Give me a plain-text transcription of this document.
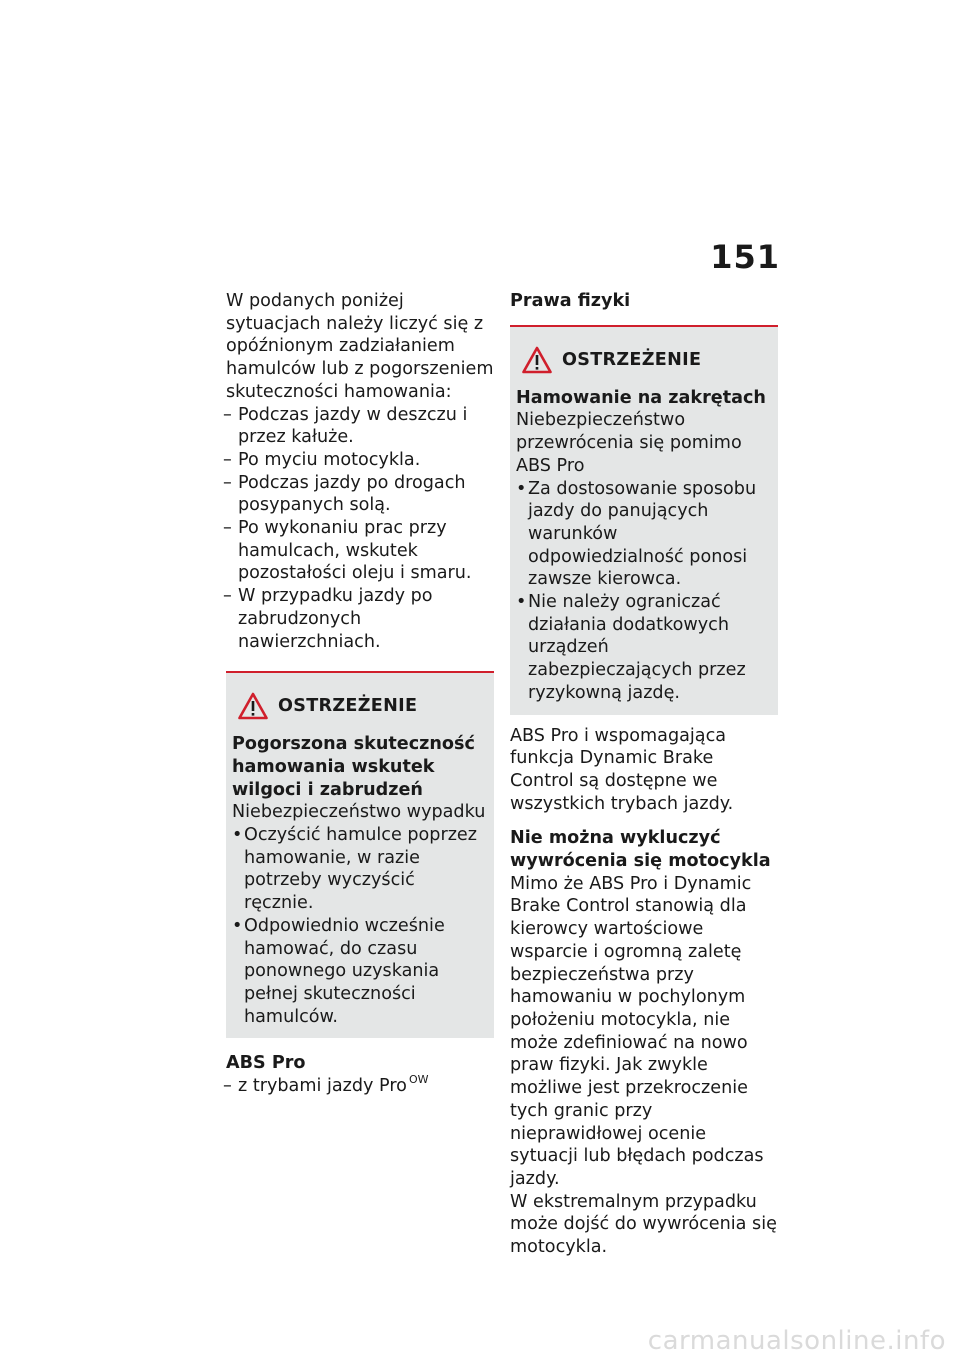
151

W podanych poniżej sytuacjach należy liczyć się z opóźnionym zadziałaniem hamulców lub z pogorszeniem skuteczności hamowania:

– Podczas jazdy w deszczu i przez kałuże.
– Po myciu motocykla.
– Podczas jazdy po drogach posypanych solą.
– Po wykonaniu prac przy hamulcach, wskutek pozostałości oleju i smaru.
– W przypadku jazdy po zabrudzonych nawierzchniach.
OSTRZEŻENIE

Pogorszona skuteczność hamowania wskutek wilgoci i zabrudzeń

Niebezpieczeństwo wypadku

• Oczyścić hamulce poprzez hamowanie, w razie potrzeby wyczyścić ręcznie.
• Odpowiednio wcześnie hamować, do czasu ponownego uzyskania pełnej skuteczności hamulców.

ABS Pro

– z trybami jazdy Pro $^{OW}$

Prawa fizyki

OSTRZEŻENIE

Hamowanie na zakrętach

Niebezpieczeństwo przewrócenia się pomimo ABS Pro

• Za dostosowanie sposobu jazdy do panujących warunków odpowiedzialność ponosi zawsze kierowca.
• Nie należy ograniczać działania dodatkowych urządzeń zabezpieczających przez ryzykowną jazdę.

ABS Pro i wspomagająca funkcja Dynamic Brake Control są dostępne we wszystkich trybach jazdy.

Nie można wykluczyć wywrócenia się motocykla

Mimo że ABS Pro i Dynamic Brake Control stanowią dla kierowcy wartościowe wsparcie i ogromną zaletę bezpieczeństwa przy hamowaniu w pochylonym położeniu motocykla, nie może zdefiniować na nowo praw fizyki. Jak zwykle możliwe jest przekroczenie tych granic przy nieprawidłowej ocenie sytuacji lub błędach podczas jazdy.

W ekstremalnym przypadku może dojść do wywrócenia się motocykla.

carmanualsonline.info
